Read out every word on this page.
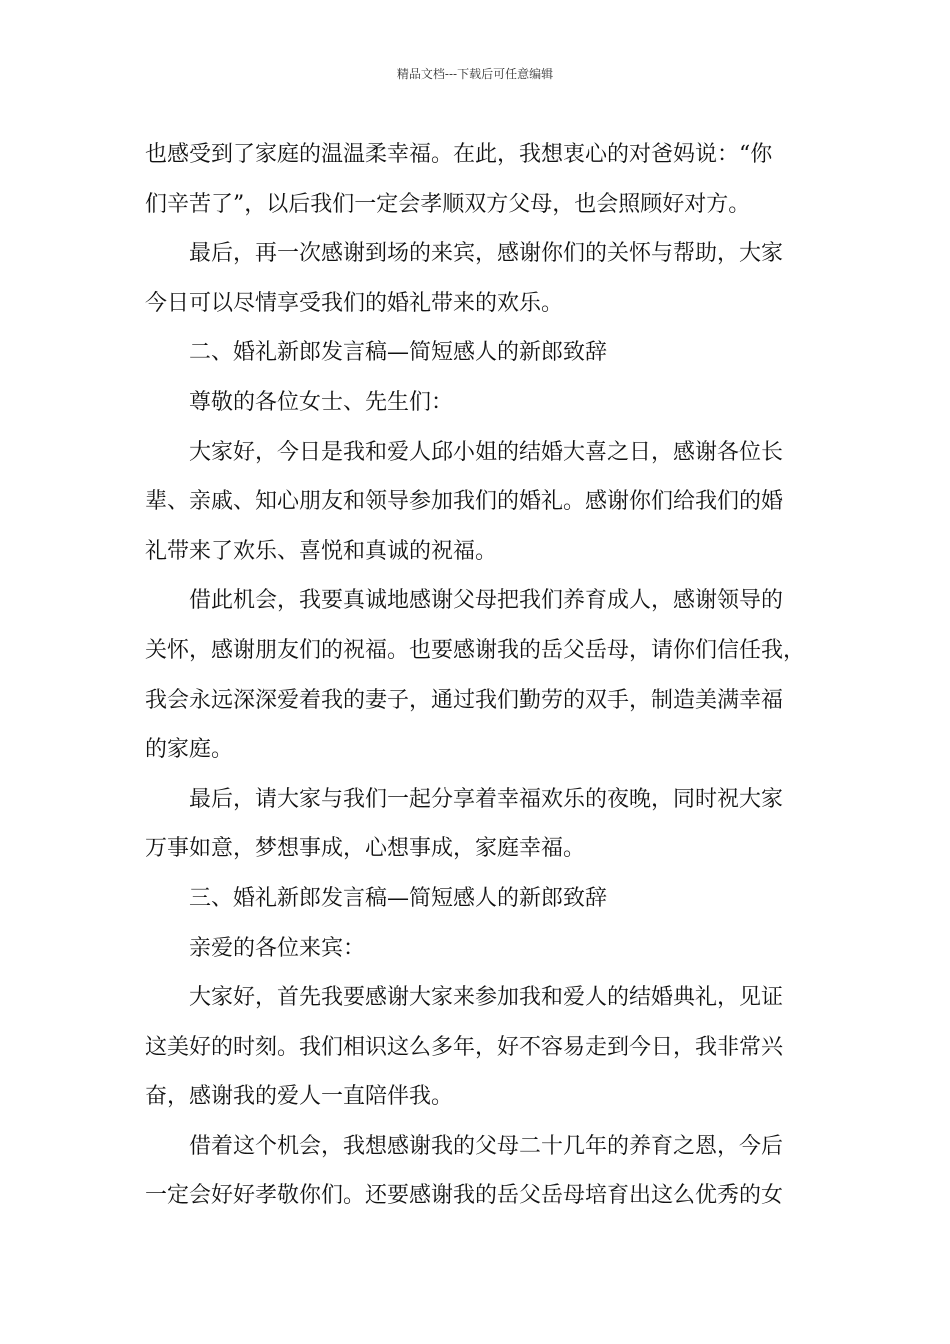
精品文档---下载后可任意编辑

也感受到了家庭的温温柔幸福。在此，我想衷心的对爸妈说：“你
们辛苦了”，以后我们一定会孝顺双方父母，也会照顾好对方。

最后，再一次感谢到场的来宾，感谢你们的关怀与帮助，大家
今日可以尽情享受我们的婚礼带来的欢乐。

二、婚礼新郎发言稿—简短感人的新郎致辞

尊敬的各位女士、先生们：

大家好，今日是我和爱人邱小姐的结婚大喜之日，感谢各位长
辈、亲戚、知心朋友和领导参加我们的婚礼。感谢你们给我们的婚
礼带来了欢乐、喜悦和真诚的祝福。

借此机会，我要真诚地感谢父母把我们养育成人，感谢领导的
关怀，感谢朋友们的祝福。也要感谢我的岳父岳母，请你们信任我，
我会永远深深爱着我的妻子，通过我们勤劳的双手，制造美满幸福
的家庭。

最后，请大家与我们一起分享着幸福欢乐的夜晚，同时祝大家
万事如意，梦想事成，心想事成，家庭幸福。

三、婚礼新郎发言稿—简短感人的新郎致辞

亲爱的各位来宾：

大家好，首先我要感谢大家来参加我和爱人的结婚典礼，见证
这美好的时刻。我们相识这么多年，好不容易走到今日，我非常兴
奋，感谢我的爱人一直陪伴我。

借着这个机会，我想感谢我的父母二十几年的养育之恩，今后
一定会好好孝敬你们。还要感谢我的岳父岳母培育出这么优秀的女
